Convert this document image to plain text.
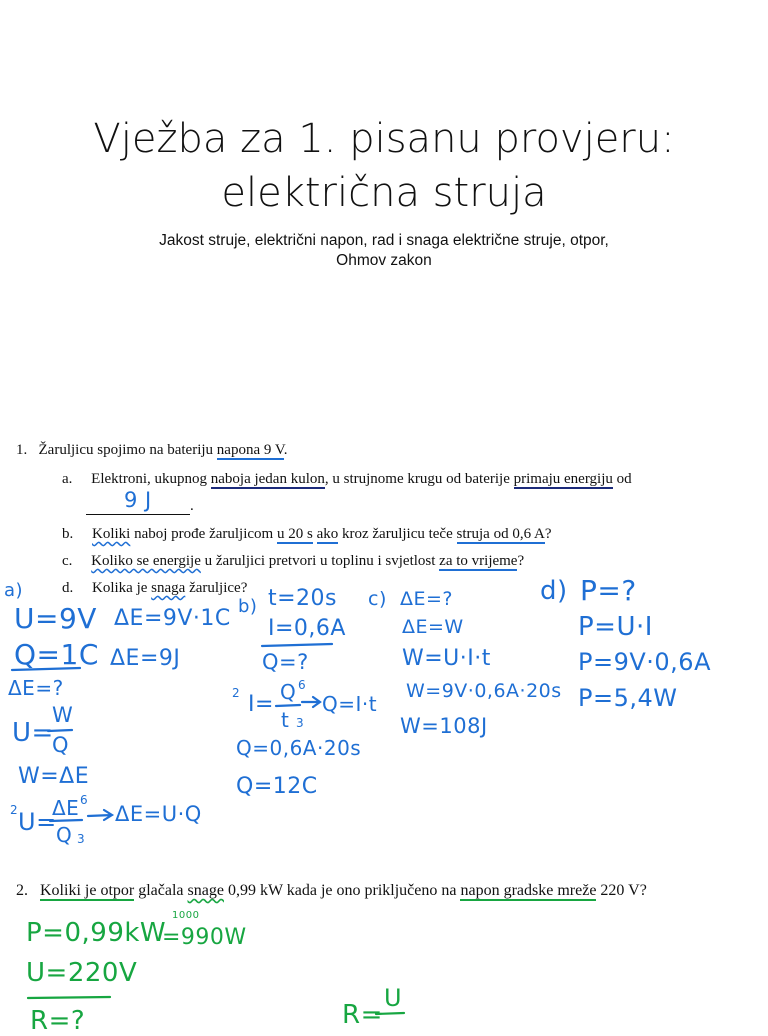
Vježba za 1. pisanu provjeru:
električna struja
Jakost struje, električni napon, rad i snaga električne struje, otpor,
Ohmov zakon
1. Žaruljicu spojimo na bateriju napona 9 V.
a. Elektroni, ukupnog naboja jedan kulon, u strujnome krugu od baterije primaju energiju od
.
b. Koliki naboj prođe žaruljicom u 20 s ako kroz žaruljicu teče struja od 0,6 A?
c. Koliko se energije u žaruljici pretvori u toplinu i svjetlost za to vrijeme?
d. Kolika je snaga žaruljice?
9 J
a)
U=9V
Q=1C
ΔE=?
U=
W
Q
W=ΔE
2 U=
ΔE 6
Q 3
ΔE=U·Q
ΔE=9V·1C
ΔE=9J
b) t=20s
I=0,6A
Q=?
2 I= Q 6
t 3
Q=I·t
Q=0,6A·20s
Q=12C
c) ΔE=?
ΔE=W
W=U·I·t
W=9V·0,6A·20s
W=108J
d) P=?
P=U·I
P=9V·0,6A
P=5,4W
2. Koliki je otpor glačala snage 0,99 kW kada je ono priključeno na napon gradske mreže 220 V?
P=0,99kW
1000
=990W
U=220V
R=?	R=
U
